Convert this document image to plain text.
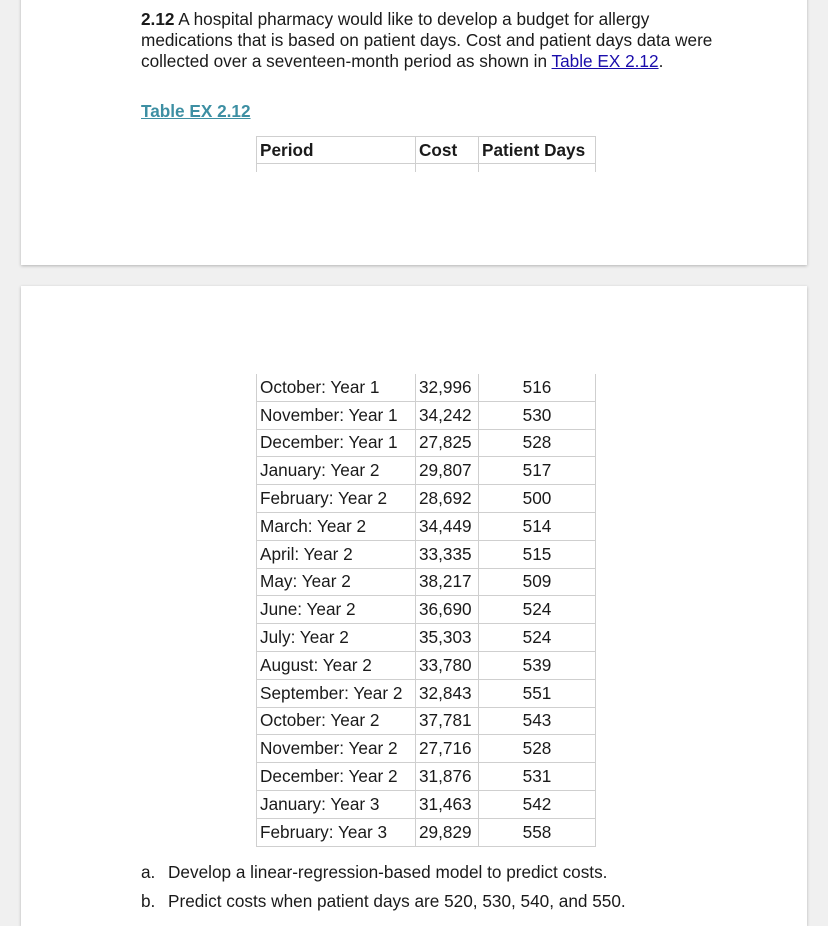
2.12 A hospital pharmacy would like to develop a budget for allergy medications that is based on patient days. Cost and patient days data were collected over a seventeen-month period as shown in Table EX 2.12.
Table EX 2.12
Period	Cost	Patient Days

October: Year 1	32,996	516
November: Year 1	34,242	530
December: Year 1	27,825	528
January: Year 2	29,807	517
February: Year 2	28,692	500
March: Year 2	34,449	514
April: Year 2	33,335	515
May: Year 2	38,217	509
June: Year 2	36,690	524
July: Year 2	35,303	524
August: Year 2	33,780	539
September: Year 2	32,843	551
October: Year 2	37,781	543
November: Year 2	27,716	528
December: Year 2	31,876	531
January: Year 3	31,463	542
February: Year 3	29,829	558
a. Develop a linear-regression-based model to predict costs.
b. Predict costs when patient days are 520, 530, 540, and 550.
